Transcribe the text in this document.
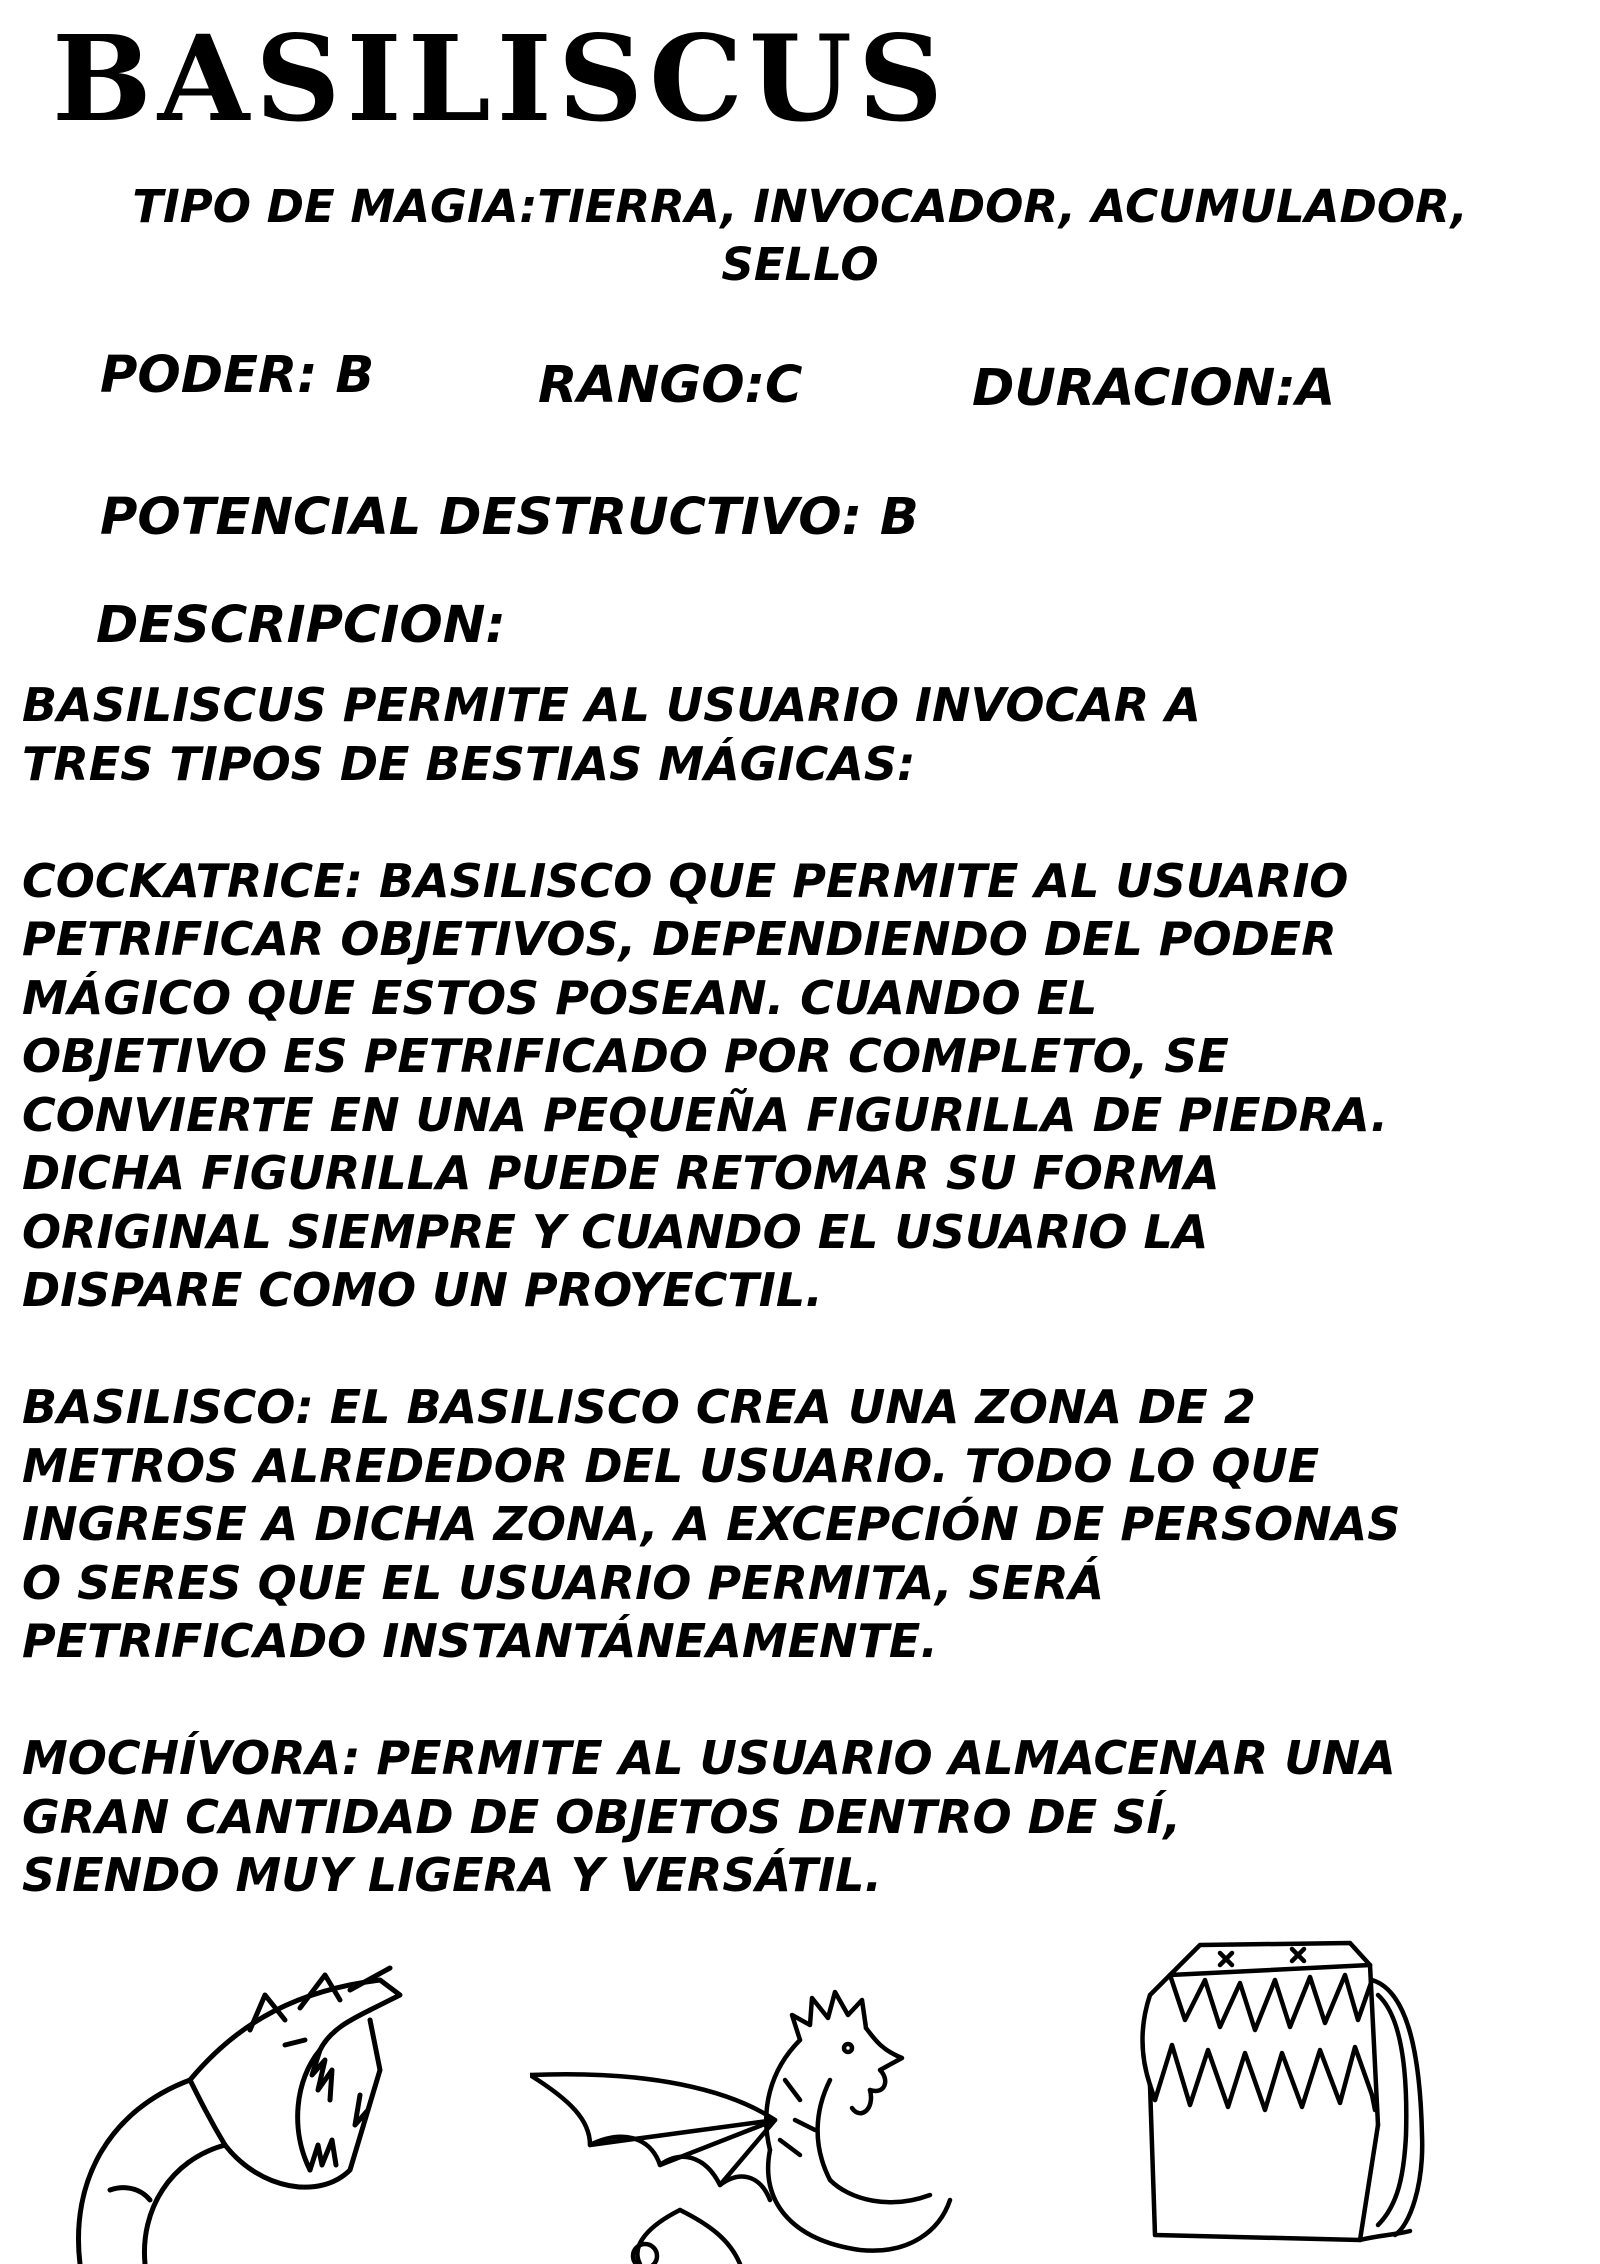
BASILISCUS
TIPO DE MAGIA:TIERRA, INVOCADOR, ACUMULADOR,
SELLO
PODER: B	RANGO:C	DURACION:A
POTENCIAL DESTRUCTIVO: B
DESCRIPCION:

BASILISCUS PERMITE AL USUARIO INVOCAR A
TRES TIPOS DE BESTIAS MÁGICAS:

COCKATRICE: BASILISCO QUE PERMITE AL USUARIO
PETRIFICAR OBJETIVOS, DEPENDIENDO DEL PODER
MÁGICO QUE ESTOS POSEAN. CUANDO EL
OBJETIVO ES PETRIFICADO POR COMPLETO, SE
CONVIERTE EN UNA PEQUEÑA FIGURILLA DE PIEDRA.
DICHA FIGURILLA PUEDE RETOMAR SU FORMA
ORIGINAL SIEMPRE Y CUANDO EL USUARIO LA
DISPARE COMO UN PROYECTIL.

BASILISCO: EL BASILISCO CREA UNA ZONA DE 2
METROS ALREDEDOR DEL USUARIO. TODO LO QUE
INGRESE A DICHA ZONA, A EXCEPCIÓN DE PERSONAS
O SERES QUE EL USUARIO PERMITA, SERÁ
PETRIFICADO INSTANTÁNEAMENTE.

MOCHÍVORA: PERMITE AL USUARIO ALMACENAR UNA
GRAN CANTIDAD DE OBJETOS DENTRO DE SÍ,
SIENDO MUY LIGERA Y VERSÁTIL.
